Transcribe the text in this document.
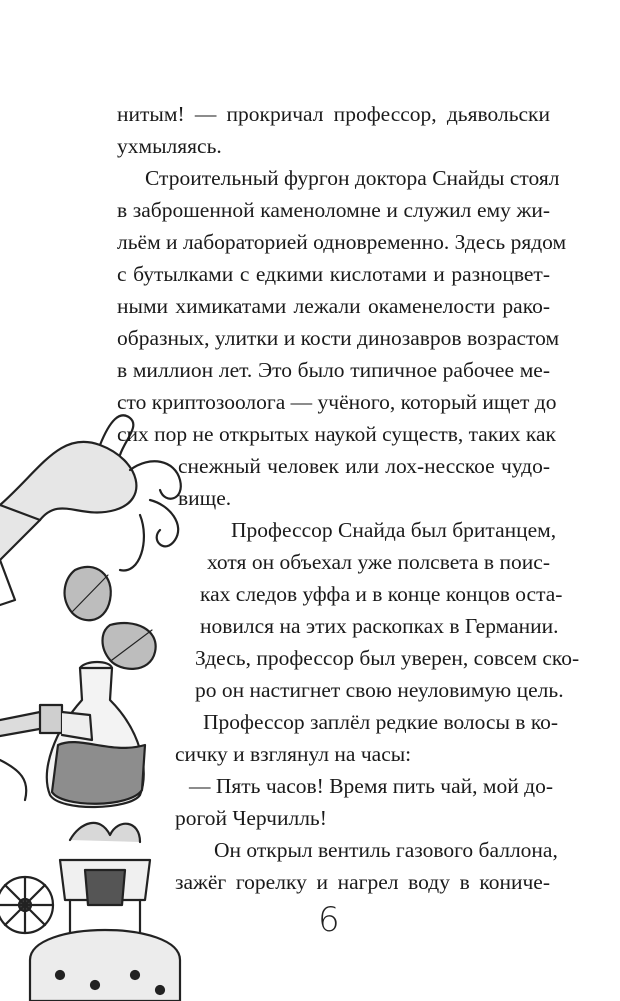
нитым! — прокричал профессор, дьявольски
ухмыляясь.
Строительный фургон доктора Снайды стоял
в заброшенной каменоломне и служил ему жи-
льём и лабораторией одновременно. Здесь рядом
с бутылками с едкими кислотами и разноцвет-
ными химикатами лежали окаменелости рако-
образных, улитки и кости динозавров возрастом
в миллион лет. Это было типичное рабочее ме-
сто криптозоолога — учёного, который ищет до
сих пор не открытых наукой существ, таких как
снежный человек или лох-несское чудо-
вище.
Профессор Снайда был британцем,
хотя он объехал уже полсвета в поис-
ках следов уффа и в конце концов оста-
новился на этих раскопках в Германии.
Здесь, профессор был уверен, совсем ско-
ро он настигнет свою неуловимую цель.
Профессор заплёл редкие волосы в ко-
сичку и взглянул на часы:
— Пять часов! Время пить чай, мой до-
рогой Черчилль!
Он открыл вентиль газового баллона,
зажёг горелку и нагрел воду в кониче-
6
